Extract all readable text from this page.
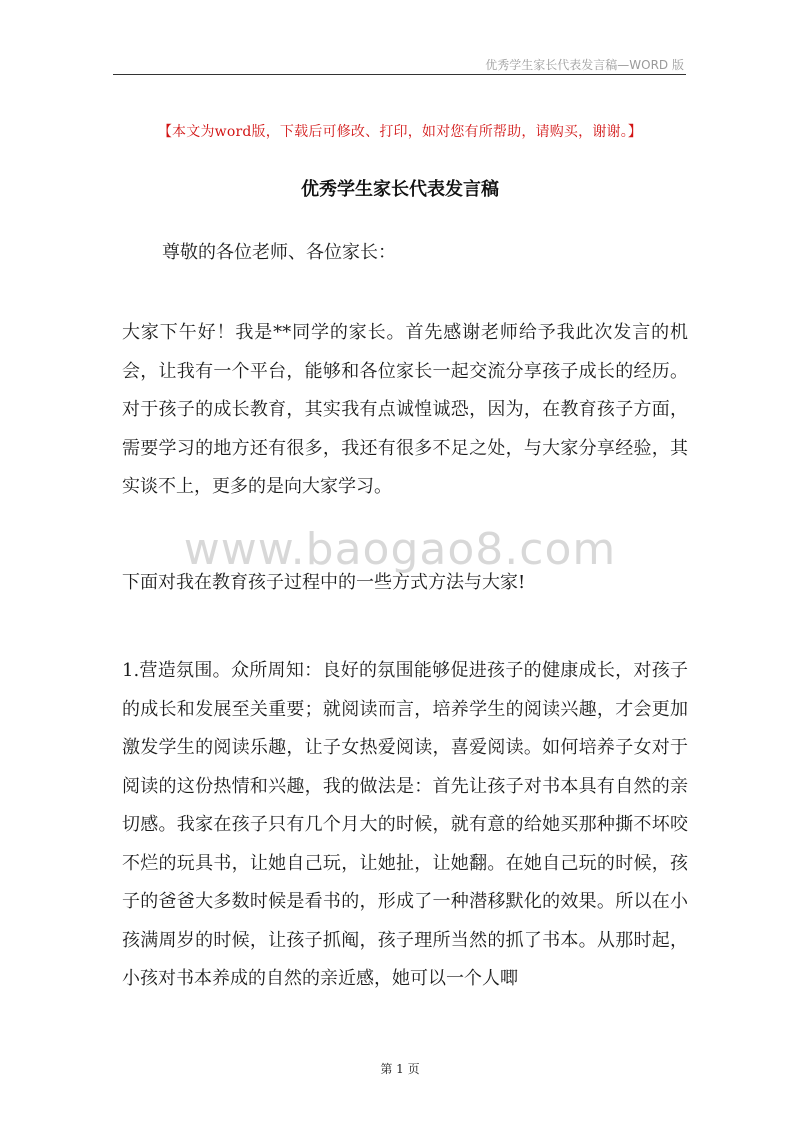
优秀学生家长代表发言稿—WORD 版
【本文为word版，下载后可修改、打印，如对您有所帮助，请购买，谢谢。】
优秀学生家长代表发言稿
尊敬的各位老师、各位家长：

大家下午好！我是**同学的家长。首先感谢老师给予我此次发言的机会，让我有一个平台，能够和各位家长一起交流分享孩子成长的经历。对于孩子的成长教育，其实我有点诚惶诚恐，因为，在教育孩子方面，需要学习的地方还有很多，我还有很多不足之处，与大家分享经验，其实谈不上，更多的是向大家学习。

www.baogao8.com

下面对我在教育孩子过程中的一些方式方法与大家!

1.营造氛围。众所周知：良好的氛围能够促进孩子的健康成长，对孩子的成长和发展至关重要；就阅读而言，培养学生的阅读兴趣，才会更加激发学生的阅读乐趣，让子女热爱阅读，喜爱阅读。如何培养子女对于阅读的这份热情和兴趣，我的做法是：首先让孩子对书本具有自然的亲切感。我家在孩子只有几个月大的时候，就有意的给她买那种撕不坏咬不烂的玩具书，让她自己玩，让她扯，让她翻。在她自己玩的时候，孩子的爸爸大多数时候是看书的，形成了一种潜移默化的效果。所以在小孩满周岁的时候，让孩子抓阄，孩子理所当然的抓了书本。从那时起，小孩对书本养成的自然的亲近感，她可以一个人唧

第 1 页
